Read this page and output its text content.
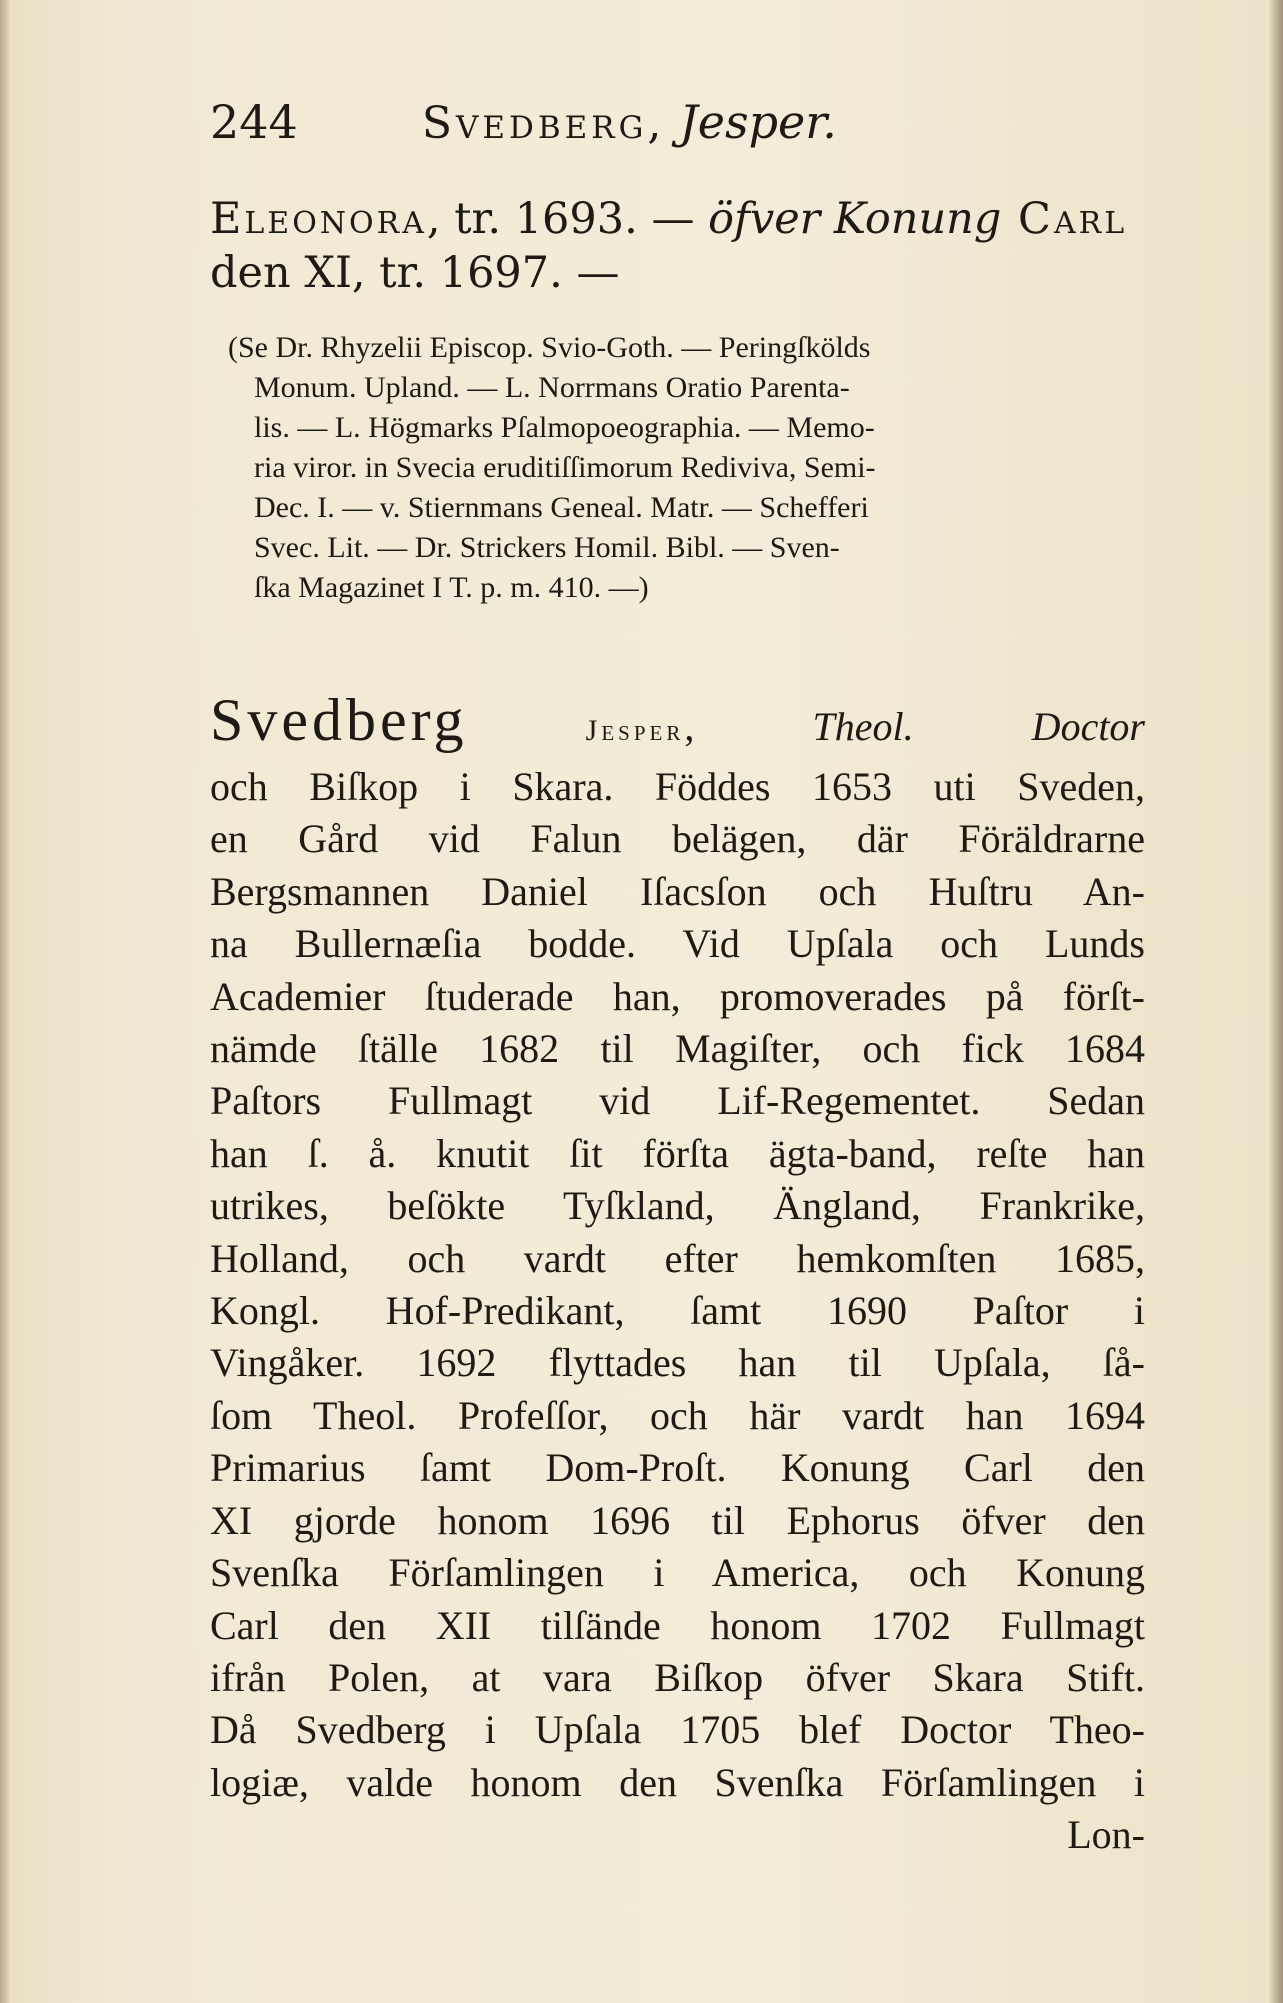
244	Svedberg, Jesper.

Eleonora, tr. 1693. — öfver Konung Carl

den XI, tr. 1697. —

(Se Dr. Rhyzelii Episcop. Svio-Goth. — Peringſkölds

Monum. Upland. — L. Norrmans Oratio Parenta-

lis. — L. Högmarks Pſalmopoeographia. — Memo-

ria viror. in Svecia eruditiſſimorum Rediviva, Semi-

Dec. I. — v. Stiernmans Geneal. Matr. — Schefferi

Svec. Lit. — Dr. Strickers Homil. Bibl. — Sven-

ſka Magazinet I T. p. m. 410. —)

Svedberg	Jesper, Theol. Doctor

och Biſkop i Skara. Föddes 1653 uti Sveden,

en Gård vid Falun belägen, där Föräldrarne

Bergsmannen Daniel Iſacsſon och Huſtru An-

na Bullernæſia bodde. Vid Upſala och Lunds

Academier ſtuderade han, promoverades på förſt-

nämde ſtälle 1682 til Magiſter, och fick 1684

Paſtors Fullmagt vid Lif-Regementet. Sedan

han ſ. å. knutit ſit förſta ägta-band, reſte han

utrikes, beſökte Tyſkland, Ängland, Frankrike,

Holland, och vardt efter hemkomſten 1685,

Kongl. Hof-Predikant, ſamt 1690 Paſtor i

Vingåker. 1692 flyttades han til Upſala, ſå-

ſom Theol. Profeſſor, och här vardt han 1694

Primarius ſamt Dom-Proſt. Konung Carl den

XI gjorde honom 1696 til Ephorus öfver den

Svenſka Förſamlingen i America, och Konung

Carl den XII tilſände honom 1702 Fullmagt

ifrån Polen, at vara Biſkop öfver Skara Stift.

Då Svedberg i Upſala 1705 blef Doctor Theo-

logiæ, valde honom den Svenſka Förſamlingen i

Lon-
